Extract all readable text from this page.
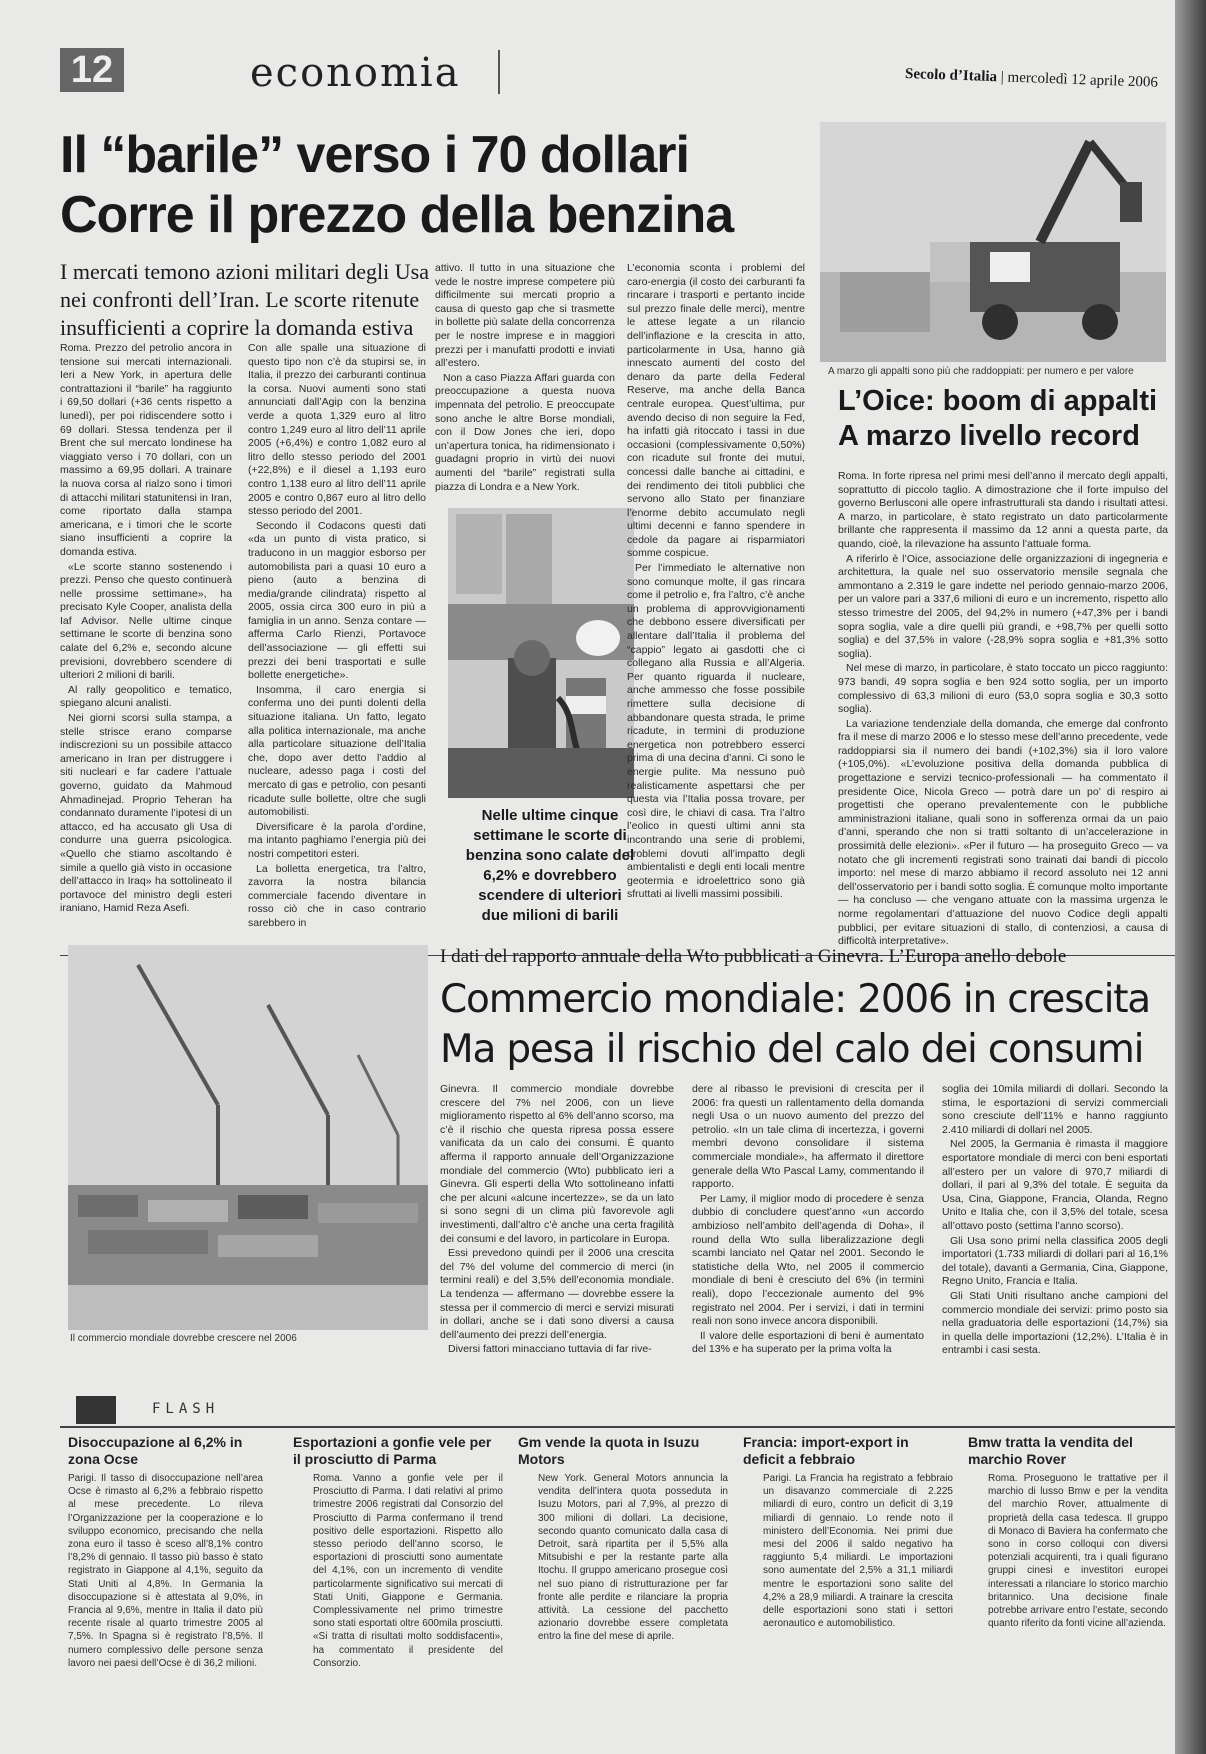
12	economia	Secolo d’Italia | mercoledì 12 aprile 2006
Il “barile” verso i 70 dollari
Corre il prezzo della benzina
I mercati temono azioni militari degli Usa nei confronti dell’Iran. Le scorte ritenute insufficienti a coprire la domanda estiva

Roma. Prezzo del petrolio ancora in tensione sui mercati internazionali. Ieri a New York, in apertura delle contrattazioni il “barile” ha raggiunto i 69,50 dollari (+36 cents rispetto a lunedì), per poi ridiscendere sotto i 69 dollari. Stessa tendenza per il Brent che sul mercato londinese ha viaggiato verso i 70 dollari, con un massimo a 69,95 dollari. A trainare la nuova corsa al rialzo sono i timori di attacchi militari statunitensi in Iran, come riportato dalla stampa americana, e i timori che le scorte siano insufficienti a coprire la domanda estiva.

«Le scorte stanno sostenendo i prezzi. Penso che questo continuerà nelle prossime settimane», ha precisato Kyle Cooper, analista della Iaf Advisor. Nelle ultime cinque settimane le scorte di benzina sono calate del 6,2% e, secondo alcune previsioni, dovrebbero scendere di ulteriori 2 milioni di barili.

Al rally geopolitico e tematico, spiegano alcuni analisti.

Nei giorni scorsi sulla stampa, a stelle strisce erano comparse indiscrezioni su un possibile attacco americano in Iran per distruggere i siti nucleari e far cadere l’attuale governo, guidato da Mahmoud Ahmadinejad. Proprio Teheran ha condannato duramente l’ipotesi di un attacco, ed ha accusato gli Usa di condurre una guerra psicologica. «Quello che stiamo ascoltando è simile a quello già visto in occasione dell’attacco in Iraq» ha sottolineato il portavoce del ministro degli esteri iraniano, Hamid Reza Asefi.

Con alle spalle una situazione di questo tipo non c’è da stupirsi se, in Italia, il prezzo dei carburanti continua la corsa. Nuovi aumenti sono stati annunciati dall’Agip con la benzina verde a quota 1,329 euro al litro contro 1,249 euro al litro dell’11 aprile 2005 (+6,4%) e contro 1,082 euro al litro dello stesso periodo del 2001 (+22,8%) e il diesel a 1,193 euro contro 1,138 euro al litro dell’11 aprile 2005 e contro 0,867 euro al litro dello stesso periodo del 2001.

Secondo il Codacons questi dati «da un punto di vista pratico, si traducono in un maggior esborso per automobilista pari a quasi 10 euro a pieno (auto a benzina di media/grande cilindrata) rispetto al 2005, ossia circa 300 euro in più a famiglia in un anno. Senza contare — afferma Carlo Rienzi, Portavoce dell’associazione — gli effetti sui prezzi dei beni trasportati e sulle bollette energetiche».

Insomma, il caro energia si conferma uno dei punti dolenti della situazione italiana. Un fatto, legato alla politica internazionale, ma anche alla particolare situazione dell’Italia che, dopo aver detto l’addio al nucleare, adesso paga i costi del mercato di gas e petrolio, con pesanti ricadute sulle bollette, oltre che sugli automobilisti.

Diversificare è la parola d’ordine, ma intanto paghiamo l’energia più dei nostri competitori esteri.

La bolletta energetica, tra l’altro, zavorra la nostra bilancia commerciale facendo diventare in rosso ciò che in caso contrario sarebbero in

attivo. Il tutto in una situazione che vede le nostre imprese competere più difficilmente sui mercati proprio a causa di questo gap che si trasmette in bollette più salate della concorrenza per le nostre imprese e in maggiori prezzi per i manufatti prodotti e inviati all’estero.

Non a caso Piazza Affari guarda con preoccupazione a questa nuova impennata del petrolio. E preoccupate sono anche le altre Borse mondiali, con il Dow Jones che ieri, dopo un’apertura tonica, ha ridimensionato i guadagni proprio in virtù dei nuovi aumenti del “barile” registrati sulla piazza di Londra e a New York.

Nelle ultime cinque settimane le scorte di benzina sono calate del 6,2% e dovrebbero scendere di ulteriori due milioni di barili

L’economia sconta i problemi del caro-energia (il costo dei carburanti fa rincarare i trasporti e pertanto incide sul prezzo finale delle merci), mentre le attese legate a un rilancio dell’inflazione e la crescita in atto, particolarmente in Usa, hanno già innescato aumenti del costo del denaro da parte della Federal Reserve, ma anche della Banca centrale europea. Quest’ultima, pur avendo deciso di non seguire la Fed, ha infatti già ritoccato i tassi in due occasioni (complessivamente 0,50%) con ricadute sul fronte dei mutui, concessi dalle banche ai cittadini, e dei rendimento dei titoli pubblici che servono allo Stato per finanziare l’enorme debito accumulato negli ultimi decenni e fanno spendere in cedole da pagare ai risparmiatori somme cospicue.

Per l’immediato le alternative non sono comunque molte, il gas rincara come il petrolio e, fra l’altro, c’è anche un problema di approvvigionamenti che debbono essere diversificati per allentare dall’Italia il problema del “cappio” legato ai gasdotti che ci collegano alla Russia e all’Algeria. Per quanto riguarda il nucleare, anche ammesso che fosse possibile rimettere sulla decisione di abbandonare questa strada, le prime ricadute, in termini di produzione energetica non potrebbero esserci prima di una decina d’anni. Ci sono le energie pulite. Ma nessuno può realisticamente aspettarsi che per questa via l’Italia possa trovare, per così dire, le chiavi di casa. Tra l’altro l’eolico in questi ultimi anni sta incontrando una serie di problemi, problemi dovuti all’impatto degli ambientalisti e degli enti locali mentre geotermia e idroelettrico sono già sfruttati ai livelli massimi possibili.

A marzo gli appalti sono più che raddoppiati: per numero e per valore
L’Oice: boom di appalti
A marzo livello record

Roma. In forte ripresa nel primi mesi dell’anno il mercato degli appalti, soprattutto di piccolo taglio. A dimostrazione che il forte impulso del governo Berlusconi alle opere infrastrutturali sta dando i risultati attesi. A marzo, in particolare, è stato registrato un dato particolarmente brillante che rappresenta il massimo da 12 anni a questa parte, da quando, cioè, la rilevazione ha assunto l’attuale forma.

A riferirlo è l’Oice, associazione delle organizzazioni di ingegneria e architettura, la quale nel suo osservatorio mensile segnala che ammontano a 2.319 le gare indette nel periodo gennaio-marzo 2006, per un valore pari a 337,6 milioni di euro e un incremento, rispetto allo stesso trimestre del 2005, del 94,2% in numero (+47,3% per i bandi sopra soglia, vale a dire quelli più grandi, e +98,7% per quelli sotto soglia) e del 37,5% in valore (-28,9% sopra soglia e +81,3% sotto soglia).

Nel mese di marzo, in particolare, è stato toccato un picco raggiunto: 973 bandi, 49 sopra soglia e ben 924 sotto soglia, per un importo complessivo di 63,3 milioni di euro (53,0 sopra soglia e 30,3 sotto soglia).

La variazione tendenziale della domanda, che emerge dal confronto fra il mese di marzo 2006 e lo stesso mese dell’anno precedente, vede raddoppiarsi sia il numero dei bandi (+102,3%) sia il loro valore (+105,0%). «L’evoluzione positiva della domanda pubblica di progettazione e servizi tecnico-professionali — ha commentato il presidente Oice, Nicola Greco — potrà dare un po’ di respiro ai progettisti che operano prevalentemente con le pubbliche amministrazioni italiane, quali sono in sofferenza ormai da un paio d’anni, sperando che non si tratti soltanto di un’accelerazione in prossimità delle elezioni». «Per il futuro — ha proseguito Greco — va notato che gli incrementi registrati sono trainati dai bandi di piccolo importo: nel mese di marzo abbiamo il record assoluto nei 12 anni dell’osservatorio per i bandi sotto soglia. È comunque molto importante — ha concluso — che vengano attuate con la massima urgenza le norme regolamentari d’attuazione del nuovo Codice degli appalti pubblici, per evitare situazioni di stallo, di contenziosi, a causa di difficoltà interpretative».

Il commercio mondiale dovrebbe crescere nel 2006
I dati del rapporto annuale della Wto pubblicati a Ginevra. L’Europa anello debole
Commercio mondiale: 2006 in crescita
Ma pesa il rischio del calo dei consumi

Ginevra. Il commercio mondiale dovrebbe crescere del 7% nel 2006, con un lieve miglioramento rispetto al 6% dell’anno scorso, ma c’è il rischio che questa ripresa possa essere vanificata da un calo dei consumi. È quanto afferma il rapporto annuale dell’Organizzazione mondiale del commercio (Wto) pubblicato ieri a Ginevra. Gli esperti della Wto sottolineano infatti che per alcuni «alcune incertezze», se da un lato si sono segni di un clima più favorevole agli investimenti, dall’altro c’è anche una certa fragilità dei consumi e del lavoro, in particolare in Europa.

Essi prevedono quindi per il 2006 una crescita del 7% del volume del commercio di merci (in termini reali) e del 3,5% dell’economia mondiale. La tendenza — affermano — dovrebbe essere la stessa per il commercio di merci e servizi misurati in dollari, anche se i dati sono diversi a causa dell’aumento dei prezzi dell’energia.

Diversi fattori minacciano tuttavia di far rive-

dere al ribasso le previsioni di crescita per il 2006: fra questi un rallentamento della domanda negli Usa o un nuovo aumento del prezzo del petrolio. «In un tale clima di incertezza, i governi membri devono consolidare il sistema commerciale mondiale», ha affermato il direttore generale della Wto Pascal Lamy, commentando il rapporto.

Per Lamy, il miglior modo di procedere è senza dubbio di concludere quest’anno «un accordo ambizioso nell’ambito dell’agenda di Doha», il round della Wto sulla liberalizzazione degli scambi lanciato nel Qatar nel 2001. Secondo le statistiche della Wto, nel 2005 il commercio mondiale di beni è cresciuto del 6% (in termini reali), dopo l’eccezionale aumento del 9% registrato nel 2004. Per i servizi, i dati in termini reali non sono invece ancora disponibili.

Il valore delle esportazioni di beni è aumentato del 13% e ha superato per la prima volta la

soglia dei 10mila miliardi di dollari. Secondo la stima, le esportazioni di servizi commerciali sono cresciute dell’11% e hanno raggiunto 2.410 miliardi di dollari nel 2005.

Nel 2005, la Germania è rimasta il maggiore esportatore mondiale di merci con beni esportati all’estero per un valore di 970,7 miliardi di dollari, il pari al 9,3% del totale. È seguita da Usa, Cina, Giappone, Francia, Olanda, Regno Unito e Italia che, con il 3,5% del totale, scesa all’ottavo posto (settima l’anno scorso).

Gli Usa sono primi nella classifica 2005 degli importatori (1.733 miliardi di dollari pari al 16,1% del totale), davanti a Germania, Cina, Giappone, Regno Unito, Francia e Italia.

Gli Stati Uniti risultano anche campioni del commercio mondiale dei servizi: primo posto sia nella graduatoria delle esportazioni (14,7%) sia in quella delle importazioni (12,2%). L’Italia è in entrambi i casi sesta.

FLASH
Disoccupazione al 6,2% in zona Ocse
Parigi. Il tasso di disoccupazione nell’area Ocse è rimasto al 6,2% a febbraio rispetto al mese precedente. Lo rileva l’Organizzazione per la cooperazione e lo sviluppo economico, precisando che nella zona euro il tasso è sceso all’8,1% contro l’8,2% di gennaio. Il tasso più basso è stato registrato in Giappone al 4,1%, seguito da Stati Uniti al 4,8%. In Germania la disoccupazione si è attestata al 9,0%, in Francia al 9,6%, mentre in Italia il dato più recente risale al quarto trimestre 2005 al 7,5%. In Spagna si è registrato l’8,5%. Il numero complessivo delle persone senza lavoro nei paesi dell’Ocse è di 36,2 milioni.
Esportazioni a gonfie vele per il prosciutto di Parma
Roma. Vanno a gonfie vele per il Prosciutto di Parma. I dati relativi al primo trimestre 2006 registrati dal Consorzio del Prosciutto di Parma confermano il trend positivo delle esportazioni. Rispetto allo stesso periodo dell’anno scorso, le esportazioni di prosciutti sono aumentate del 4,1%, con un incremento di vendite particolarmente significativo sui mercati di Stati Uniti, Giappone e Germania. Complessivamente nel primo trimestre sono stati esportati oltre 600mila prosciutti. «Si tratta di risultati molto soddisfacenti», ha commentato il presidente del Consorzio.
Gm vende la quota in Isuzu Motors
New York. General Motors annuncia la vendita dell’intera quota posseduta in Isuzu Motors, pari al 7,9%, al prezzo di 300 milioni di dollari. La decisione, secondo quanto comunicato dalla casa di Detroit, sarà ripartita per il 5,5% alla Mitsubishi e per la restante parte alla Itochu. Il gruppo americano prosegue così nel suo piano di ristrutturazione per far fronte alle perdite e rilanciare la propria attività. La cessione del pacchetto azionario dovrebbe essere completata entro la fine del mese di aprile.
Francia: import-export in deficit a febbraio
Parigi. La Francia ha registrato a febbraio un disavanzo commerciale di 2.225 miliardi di euro, contro un deficit di 3,19 miliardi di gennaio. Lo rende noto il ministero dell’Economia. Nei primi due mesi del 2006 il saldo negativo ha raggiunto 5,4 miliardi. Le importazioni sono aumentate del 2,5% a 31,1 miliardi mentre le esportazioni sono salite del 4,2% a 28,9 miliardi. A trainare la crescita delle esportazioni sono stati i settori aeronautico e automobilistico.
Bmw tratta la vendita del marchio Rover
Roma. Proseguono le trattative per il marchio di lusso Bmw e per la vendita del marchio Rover, attualmente di proprietà della casa tedesca. Il gruppo di Monaco di Baviera ha confermato che sono in corso colloqui con diversi potenziali acquirenti, tra i quali figurano gruppi cinesi e investitori europei interessati a rilanciare lo storico marchio britannico. Una decisione finale potrebbe arrivare entro l’estate, secondo quanto riferito da fonti vicine all’azienda.
